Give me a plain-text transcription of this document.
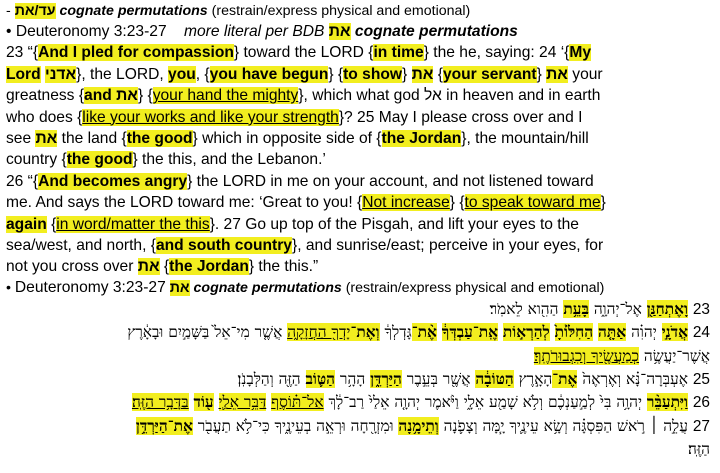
- עד/את cognate permutations (restrain/express physical and emotional)
• Deuteronomy 3:23-27 more literal per BDB את cognate permutations
23 “{And I pled for compassion} toward the LORD {in time} the he, saying: 24 ‘{My
Lord אדני}, the LORD, you, {you have begun} {to show} את {your servant} את your
greatness {and את} {your hand the mighty}, which what god אל in heaven and in earth
who does {like your works and like your strength}? 25 May I please cross over and I
see את the land {the good} which in opposite side of {the Jordan}, the mountain/hill
country {the good} the this, and the Lebanon.’
26 “{And becomes angry} the LORD in me on your account, and not listened toward
me. And says the LORD toward me: ‘Great to you! {Not increase} {to speak toward me}
again {in word/matter the this}. 27 Go up top of the Pisgah, and lift your eyes to the
sea/west, and north, {and south country}, and sunrise/east; perceive in your eyes, for
not you cross over את {the Jordan} the this.”
• Deuteronomy 3:23-27 את cognate permutations (restrain/express physical and emotional)
23 וָאֶתְחַנַּ֖ן אֶל־יְהוָ֑ה בָּעֵ֥ת הַהִ֖וא לֵאמֹֽר׃
24 אֲדֹנָ֣י יְהוִ֗ה אַתָּ֤ה הַחִלּ֙וֹתָ֙ לְהַרְא֣וֹת אֶֽת־עַבְדְּךָ֔ אֶ֨ת־גָּדְלְךָ֔ וְאֶת־יָדְךָ֖ הַחֲזָקָ֑ה אֲשֶׁ֤ר מִי־אֵל֙ בַּשָּׁמַ֣יִם וּבָאָ֔רֶץ
אֲשֶׁר־יַעֲשֶׂ֥ה כְמַעֲשֶׂ֖יךָ וְכִגְבוּרֹתֶֽךָ׃
25 אֶעְבְּרָה־נָּ֗א וְאֶרְאֶה֙ אֶת־הָאָ֣רֶץ הַטּוֹבָ֔ה אֲשֶׁ֖ר בְּעֵ֣בֶר הַיַּרְדֵּ֑ן הָהָ֥ר הַטּ֛וֹב הַזֶּ֖ה וְהַלְּבָנֹֽן׃
26 וַיִּתְעַבֵּ֨ר יְהוָ֥ה בִּי֙ לְמַ֣עַנְכֶ֔ם וְלֹ֥א שָׁמַ֖ע אֵלָ֑י וַיֹּ֨אמֶר יְהוָ֤ה אֵלַי֙ רַב־לָ֔ךְ אַל־תּ֗וֹסֶף דַּבֵּ֥ר אֵלַ֛י ע֖וֹד בַּדָּבָ֥ר הַזֶּֽה׃
27 עֲלֵ֣ה ׀ רֹ֣אשׁ הַפִּסְגָּ֗ה וְשָׂ֥א עֵינֶ֛יךָ יָ֧מָּה וְצָפֹ֛נָה וְתֵימָ֥נָה וּמִזְרָ֖חָה וּרְאֵ֣ה בְעֵינֶ֑יךָ כִּי־לֹ֥א תַעֲבֹ֖ר אֶת־הַיַּרְדֵּ֥ן
הַזֶּֽה׃
